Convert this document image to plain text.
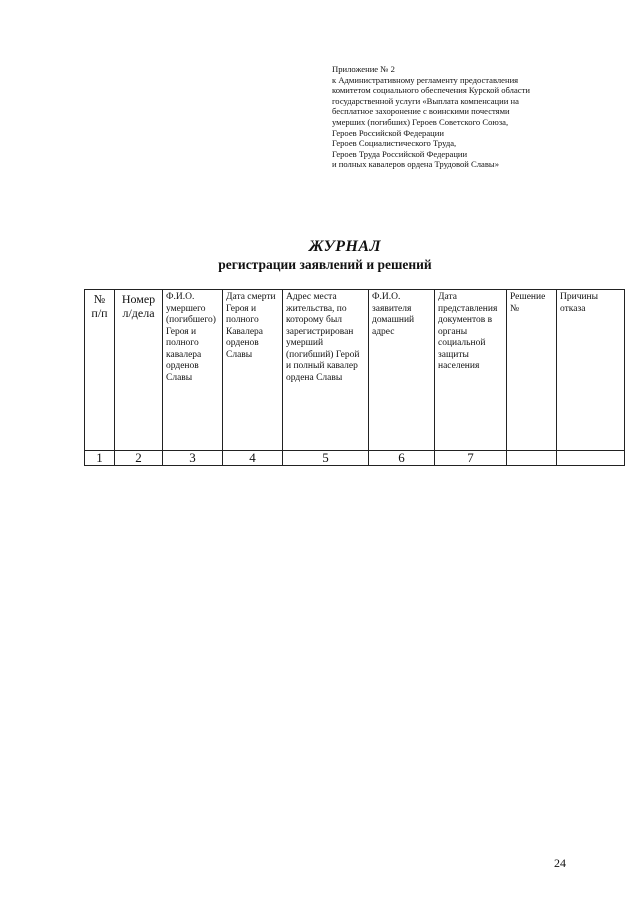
Приложение № 2
к Административному регламенту предоставления
комитетом социального обеспечения Курской области
государственной услуги «Выплата компенсации на
бесплатное захоронение с воинскими почестями
умерших (погибших) Героев Советского Союза,
Героев Российской Федерации
Героев Социалистического Труда,
Героев Труда Российской Федерации
и полных кавалеров ордена Трудовой Славы»
ЖУРНАЛ
регистрации заявлений и решений
№ п/п	Номер л/дела	Ф.И.О. умершего (погибшего) Героя и полного кавалера орденов Славы	Дата смерти Героя и полного Кавалера орденов Славы	Адрес места жительства, по которому был зарегистрирован умерший (погибший) Герой и полный кавалер ордена Славы	Ф.И.О. заявителя домашний адрес	Дата представления документов в органы социальной защиты населения	Решение №	Причины отказа
1	2	3	4	5	6	7		
24
